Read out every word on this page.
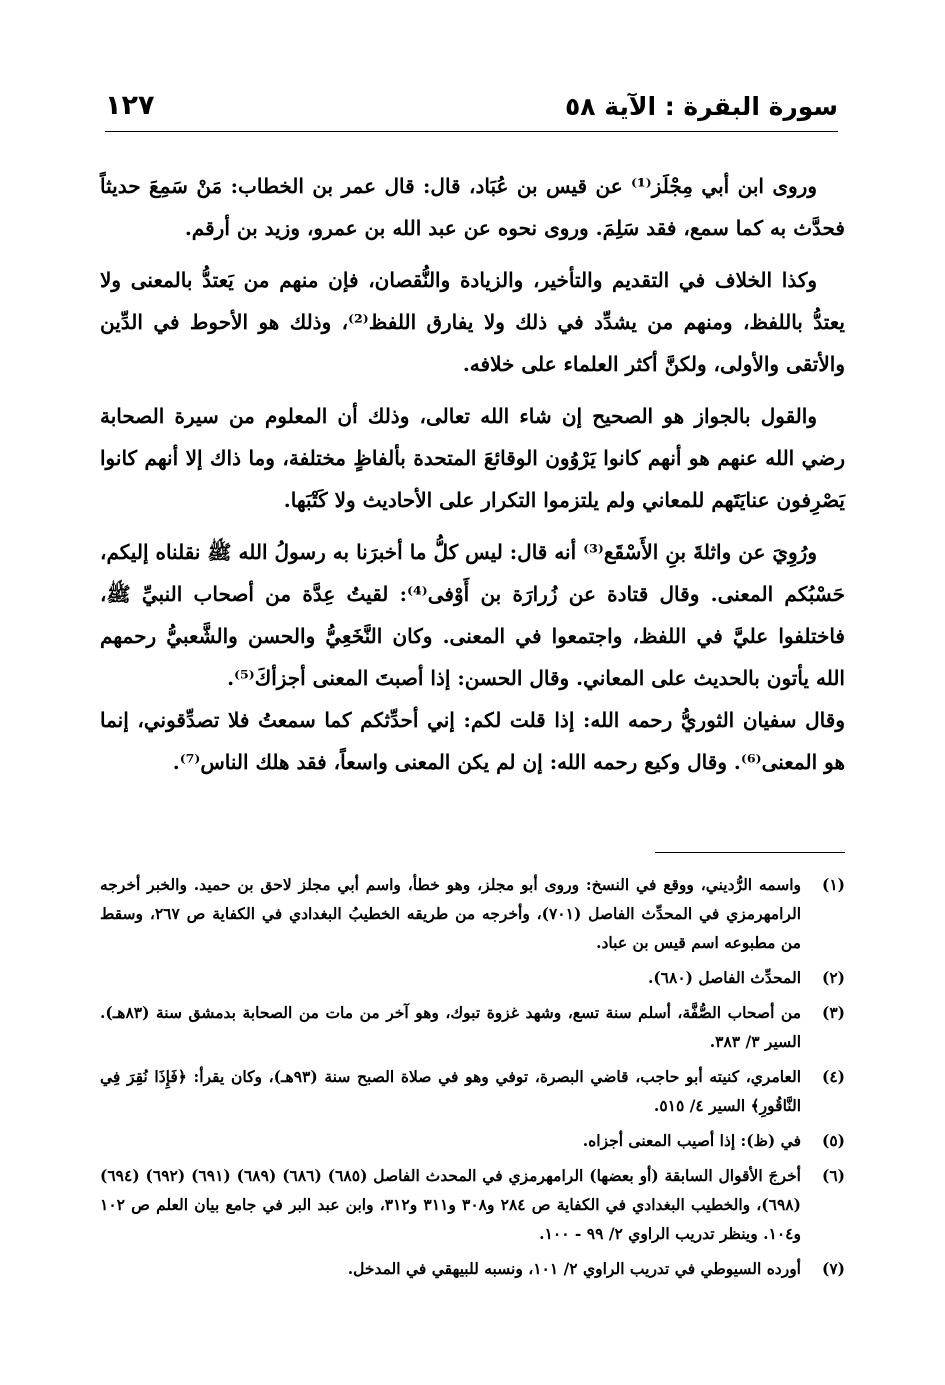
سورة البقرة : الآية ٥٨
١٢٧

وروى ابن أبي مِجْلَز⁽¹⁾ عن قيس بن عُبَاد، قال: قال عمر بن الخطاب: مَنْ سَمِعَ حديثاً فحدَّث به كما سمع، فقد سَلِمَ. وروى نحوه عن عبد الله بن عمرو، وزيد بن أرقم.

وكذا الخلاف في التقديم والتأخير، والزيادة والنُّقصان، فإن منهم من يَعتدُّ بالمعنى ولا يعتدُّ باللفظ، ومنهم من يشدِّد في ذلك ولا يفارق اللفظ⁽²⁾، وذلك هو الأحوط في الدِّين والأتقى والأولى، ولكنَّ أكثر العلماء على خلافه.

والقول بالجواز هو الصحيح إن شاء الله تعالى، وذلك أن المعلوم من سيرة الصحابة رضي الله عنهم هو أنهم كانوا يَرْوُون الوقائعَ المتحدة بألفاظٍ مختلفة، وما ذاك إلا أنهم كانوا يَصْرِفون عنايَتَهم للمعاني ولم يلتزموا التكرار على الأحاديث ولا كَتْبَها.

ورُوِيَ عن واثلةَ بنِ الأَسْقَع⁽³⁾ أنه قال: ليس كلُّ ما أخبرَنا به رسولُ الله ﷺ نقلناه إليكم، حَسْبُكم المعنى. وقال قتادة عن زُرارَة بن أَوْفى⁽⁴⁾: لقيتُ عِدَّة من أصحاب النبيِّ ﷺ، فاختلفوا عليَّ في اللفظ، واجتمعوا في المعنى. وكان النَّخَعِيُّ والحسن والشَّعبيُّ رحمهم الله يأتون بالحديث على المعاني. وقال الحسن: إذا أصبتَ المعنى أجزأكَ⁽⁵⁾.

وقال سفيان الثوريُّ رحمه الله: إذا قلت لكم: إني أحدِّثكم كما سمعتُ فلا تصدِّقوني، إنما هو المعنى⁽⁶⁾. وقال وكيع رحمه الله: إن لم يكن المعنى واسعاً، فقد هلك الناس⁽⁷⁾.

(١)
واسمه الرُّديني، ووقع في النسخ: وروى أبو مجلز، وهو خطأ، واسم أبي مجلز لاحق بن حميد. والخبر أخرجه الرامهرمزي في المحدِّث الفاصل (٧٠١)، وأخرجه من طريقه الخطيبُ البغدادي في الكفاية ص ٢٦٧، وسقط من مطبوعه اسم قيس بن عباد.
(٢)
المحدِّث الفاصل (٦٨٠).
(٣)
من أصحاب الصُّفَّة، أسلم سنة تسع، وشهد غزوة تبوك، وهو آخر من مات من الصحابة بدمشق سنة (٨٣هـ). السير ٣/ ٣٨٣.
(٤)
العامري، كنيته أبو حاجب، قاضي البصرة، توفي وهو في صلاة الصبح سنة (٩٣هـ)، وكان يقرأ: ﴿فَإِذَا نُقِرَ فِي النَّاقُورِ﴾ السير ٤/ ٥١٥.
(٥)
في (ظ): إذا أصيب المعنى أجزاه.
(٦)
أخرجَ الأقوال السابقة (أو بعضها) الرامهرمزي في المحدث الفاصل (٦٨٥) (٦٨٦) (٦٨٩) (٦٩١) (٦٩٢) (٦٩٤) (٦٩٨)، والخطيب البغدادي في الكفاية ص ٢٨٤ و٣٠٨ و٣١١ و٣١٢، وابن عبد البر في جامع بيان العلم ص ١٠٢ و١٠٤. وينظر تدريب الراوي ٢/ ٩٩ - ١٠٠.
(٧)
أورده السيوطي في تدريب الراوي ٢/ ١٠١، ونسبه للبيهقي في المدخل.
